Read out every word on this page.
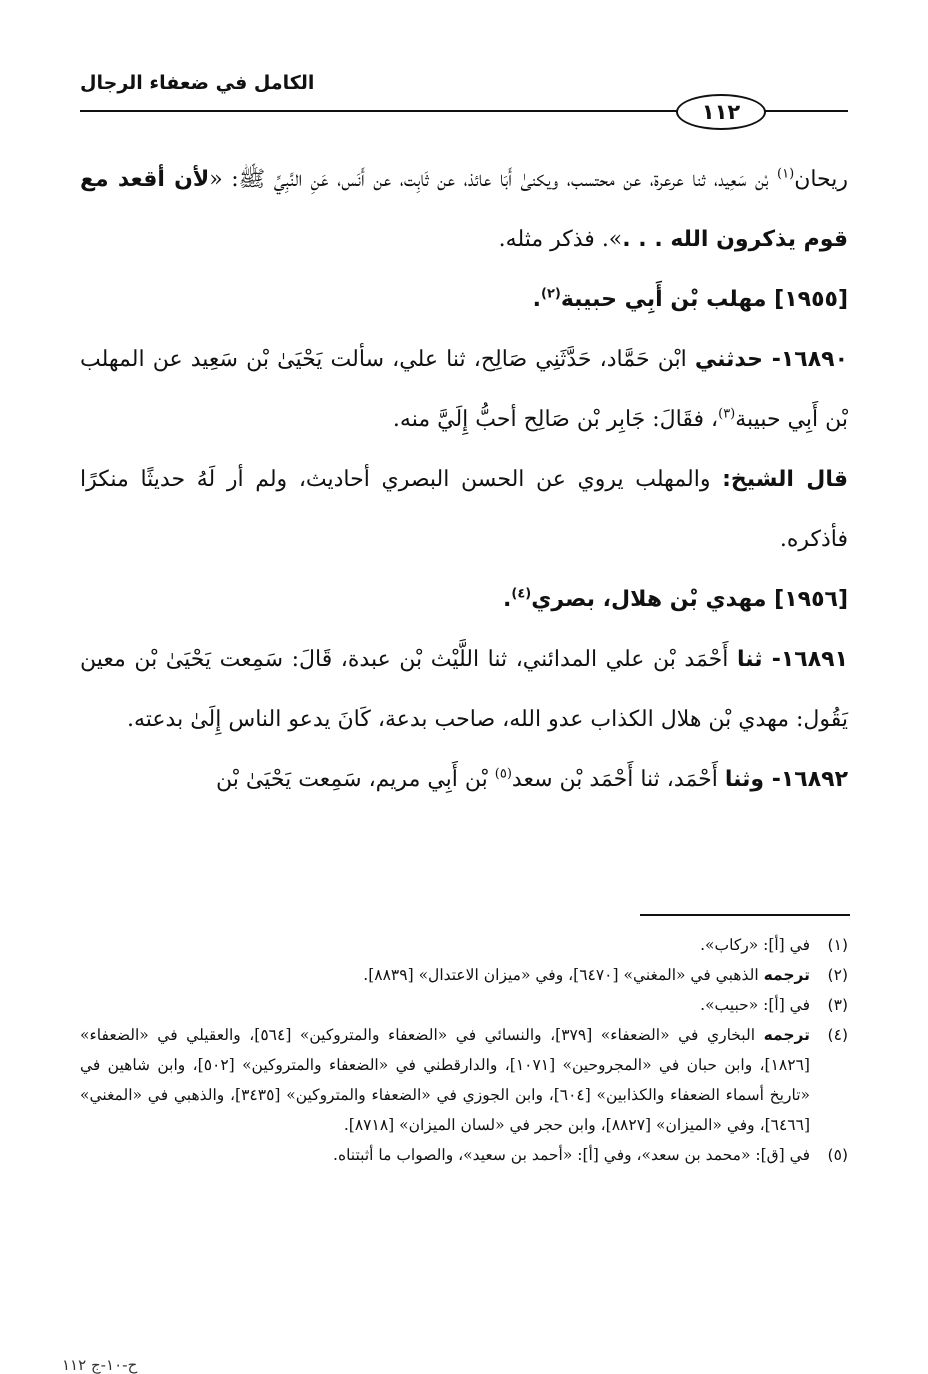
الكامل في ضعفاء الرجال
١١٢

ريحان$^{(١)}$ بْن سَعِيد، ثنا عرعرة، عن محتسب، ويكنىٰ أَبَا عائذ، عن ثَابِت، عن أَنَس، عَنِ النَّبِيِّ ﷺ: «لأن أقعد مع قوم يذكرون الله . . .». فذكر مثله.

[١٩٥٥] مهلب بْن أَبِي حبيبة$^{(٢)}$.

١٦٨٩٠- حدثني ابْن حَمَّاد، حَدَّثَنِي صَالِح، ثنا علي، سألت يَحْيَىٰ بْن سَعِيد عن المهلب بْن أَبِي حبيبة$^{(٣)}$، فقَالَ: جَابِر بْن صَالِح أحبُّ إِلَيَّ منه.

قال الشيخ: والمهلب يروي عن الحسن البصري أحاديث، ولم أر لَهُ حديثًا منكرًا فأذكره.

[١٩٥٦] مهدي بْن هلال، بصري$^{(٤)}$.

١٦٨٩١- ثنا أَحْمَد بْن علي المدائني، ثنا اللَّيْث بْن عبدة، قَالَ: سَمِعت يَحْيَىٰ بْن معين يَقُول: مهدي بْن هلال الكذاب عدو الله، صاحب بدعة، كَانَ يدعو الناس إِلَىٰ بدعته.

١٦٨٩٢- وثنا أَحْمَد، ثنا أَحْمَد بْن سعد$^{(٥)}$ بْن أَبِي مريم، سَمِعت يَحْيَىٰ بْن

(١)في [أ]: «ركاب».

(٢)ترجمه الذهبي في «المغني» [٦٤٧٠]، وفي «ميزان الاعتدال» [٨٨٣٩].

(٣)في [أ]: «حبيب».

(٤)ترجمه البخاري في «الضعفاء» [٣٧٩]، والنسائي في «الضعفاء والمتروكين» [٥٦٤]، والعقيلي في «الضعفاء» [١٨٢٦]، وابن حبان في «المجروحين» [١٠٧١]، والدارقطني في «الضعفاء والمتروكين» [٥٠٢]، وابن شاهين في «تاريخ أسماء الضعفاء والكذابين» [٦٠٤]، وابن الجوزي في «الضعفاء والمتروكين» [٣٤٣٥]، والذهبي في «المغني» [٦٤٦٦]، وفي «الميزان» [٨٨٢٧]، وابن حجر في «لسان الميزان» [٨٧١٨].

(٥)في [ق]: «محمد بن سعد»، وفي [أ]: «أحمد بن سعيد»، والصواب ما أثبتناه.

ح-١٠-ج ١١٢
